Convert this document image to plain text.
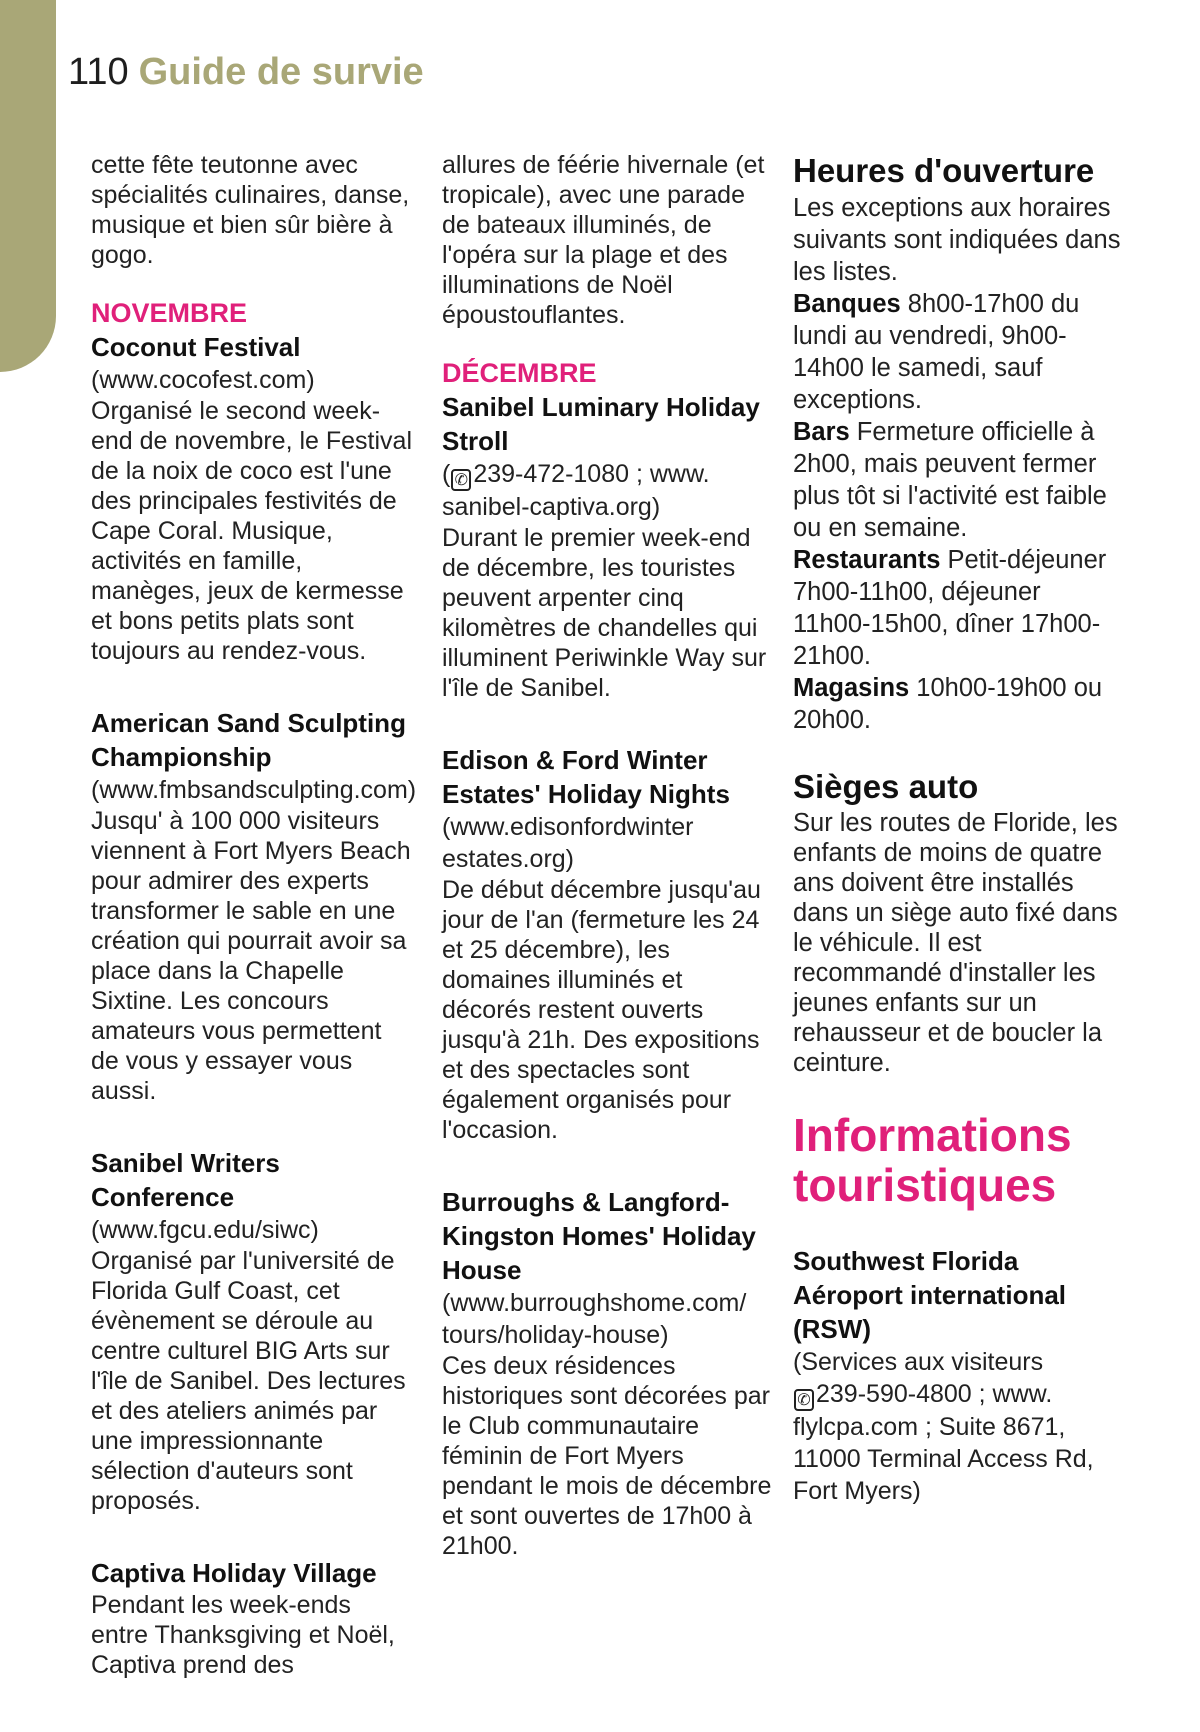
110 Guide de survie

cette fête teutonne avec spécialités culinaires, danse, musique et bien sûr bière à gogo.

NOVEMBRE

Coconut Festival

(www.cocofest.com)

Organisé le second week-end de novembre, le Festival de la noix de coco est l'une des principales festivités de Cape Coral. Musique, activités en famille, manèges, jeux de kermesse et bons petits plats sont toujours au rendez-vous.

American Sand Sculpting Championship

(www.fmbsandsculpting.com)

Jusqu' à 100 000 visiteurs viennent à Fort Myers Beach pour admirer des experts transformer le sable en une création qui pourrait avoir sa place dans la Chapelle Sixtine. Les concours amateurs vous permettent de vous y essayer vous aussi.

Sanibel Writers Conference

(www.fgcu.edu/siwc)

Organisé par l'université de Florida Gulf Coast, cet évènement se déroule au centre culturel BIG Arts sur l'île de Sanibel. Des lectures et des ateliers animés par une impressionnante sélection d'auteurs sont proposés.

Captiva Holiday Village

Pendant les week-ends entre Thanksgiving et Noël, Captiva prend des

allures de féérie hivernale (et tropicale), avec une parade de bateaux illuminés, de l'opéra sur la plage et des illuminations de Noël époustouflantes.

DÉCEMBRE

Sanibel Luminary Holiday Stroll

( ✆ 239-472-1080 ; www. sanibel-captiva.org)

Durant le premier week-end de décembre, les touristes peuvent arpenter cinq kilomètres de chandelles qui illuminent Periwinkle Way sur l'île de Sanibel.

Edison & Ford Winter Estates' Holiday Nights

(www.edisonfordwinter estates.org)

De début décembre jusqu'au jour de l'an (fermeture les 24 et 25 décembre), les domaines illuminés et décorés restent ouverts jusqu'à 21h. Des expositions et des spectacles sont également organisés pour l'occasion.

Burroughs & Langford-Kingston Homes' Holiday House

(www.burroughshome.com/ tours/holiday-house)

Ces deux résidences historiques sont décorées par le Club communautaire féminin de Fort Myers pendant le mois de décembre et sont ouvertes de 17h00 à 21h00.

Heures d'ouverture

Les exceptions aux horaires suivants sont indiquées dans les listes.
Banques 8h00-17h00 du lundi au vendredi, 9h00-14h00 le samedi, sauf exceptions.
Bars Fermeture officielle à 2h00, mais peuvent fermer plus tôt si l'activité est faible ou en semaine.
Restaurants Petit-déjeuner 7h00-11h00, déjeuner 11h00-15h00, dîner 17h00-21h00.
Magasins 10h00-19h00 ou 20h00.

Sièges auto

Sur les routes de Floride, les enfants de moins de quatre ans doivent être installés dans un siège auto fixé dans le véhicule. Il est recommandé d'installer les jeunes enfants sur un rehausseur et de boucler la ceinture.

Informations
touristiques

Southwest Florida Aéroport international (RSW)

(Services aux visiteurs
✆ 239-590-4800 ; www. flylcpa.com ; Suite 8671, 11000 Terminal Access Rd, Fort Myers)
